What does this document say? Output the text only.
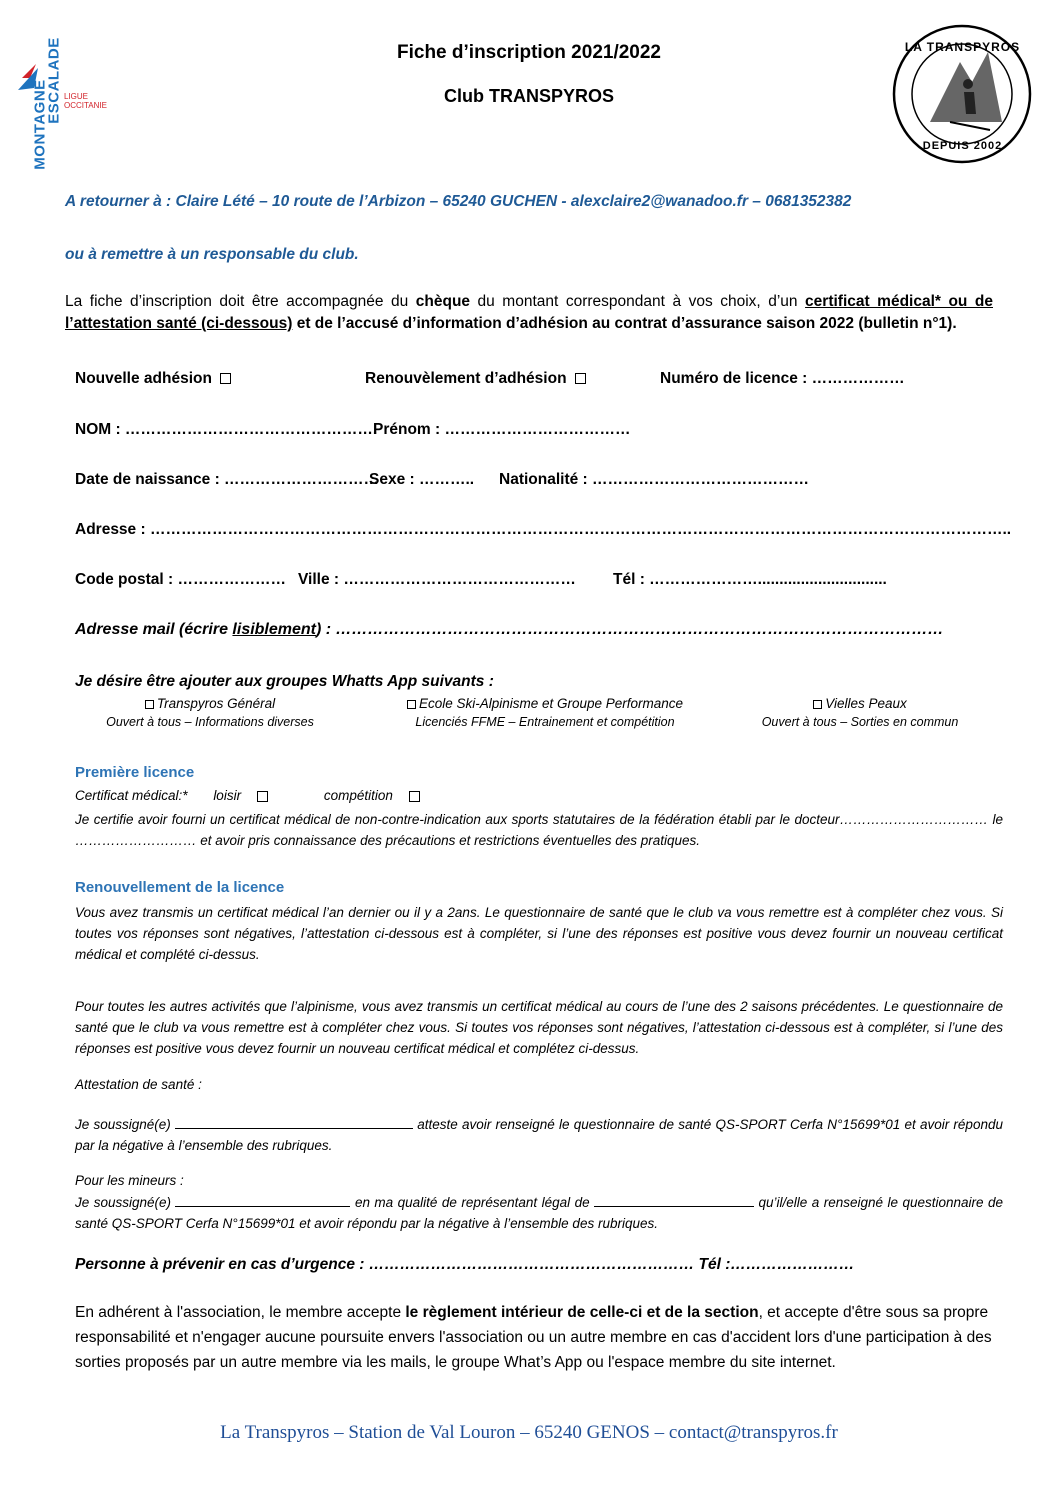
MONTAGNE
ESCALADE LIGUE
OCCITANIE
Fiche d’inscription 2021/2022
Club TRANSPYROS
LA TRANSPYROS
DEPUIS 2002
A retourner à : Claire Lété – 10 route de l’Arbizon – 65240 GUCHEN - alexclaire2@wanadoo.fr – 0681352382
ou à remettre à un responsable du club.
La fiche d’inscription doit être accompagnée du chèque du montant correspondant à vos choix, d’un certificat médical* ou de l’attestation santé (ci-dessous) et de l’accusé d’information d’adhésion au contrat d’assurance saison 2022 (bulletin n°1).
Nouvelle adhésion	Renouvèlement d’adhésion	Numéro de licence : ………………
NOM : ………………………………………….
Prénom : ………………………………
Date de naissance : …………………………
Sexe : ……….. Nationalité : ……………………………………
Adresse : …………………………………………………………………………………………………………………………………………………..
Code postal : ………………… Ville : ……………………………………… Tél : …………………..............................
Adresse mail (écrire lisiblement) : ……………………………………………………………………………………………………
Je désire être ajouter aux groupes Whatts App suivants :
Transpyros Général
Ouvert à tous – Informations diverses
Ecole Ski-Alpinisme et Groupe Performance
Licenciés FFME – Entrainement et compétition
Vielles Peaux
Ouvert à tous – Sorties en commun
Première licence
Certificat médical:* loisir	compétition
Je certifie avoir fourni un certificat médical de non-contre-indication aux sports statutaires de la fédération établi par le docteur…………………………… le ……………………… et avoir pris connaissance des précautions et restrictions éventuelles des pratiques.
Renouvellement de la licence
Vous avez transmis un certificat médical l’an dernier ou il y a 2ans. Le questionnaire de santé que le club va vous remettre est à compléter chez vous. Si toutes vos réponses sont négatives, l’attestation ci-dessous est à compléter, si l’une des réponses est positive vous devez fournir un nouveau certificat médical et complété ci-dessus.
Pour toutes les autres activités que l’alpinisme, vous avez transmis un certificat médical au cours de l’une des 2 saisons précédentes. Le questionnaire de santé que le club va vous remettre est à compléter chez vous. Si toutes vos réponses sont négatives, l’attestation ci-dessous est à compléter, si l’une des réponses est positive vous devez fournir un nouveau certificat médical et complétez ci-dessus.
Attestation de santé :
Je soussigné(e)	atteste avoir renseigné le questionnaire de santé QS-SPORT Cerfa N°15699*01 et avoir répondu par la négative à l’ensemble des rubriques.
Pour les mineurs :
Je soussigné(e)	en ma qualité de représentant légal de	qu’il/elle a renseigné le questionnaire de santé QS-SPORT Cerfa N°15699*01 et avoir répondu par la négative à l’ensemble des rubriques.
Personne à prévenir en cas d’urgence : ……………………………………………………… Tél :……………………
En adhérent à l'association, le membre accepte le règlement intérieur de celle-ci et de la section, et accepte d'être sous sa propre responsabilité et n'engager aucune poursuite envers l'association ou un autre membre en cas d'accident lors d'une participation à des sorties proposés par un autre membre via les mails, le groupe What’s App ou l'espace membre du site internet.
La Transpyros – Station de Val Louron – 65240 GENOS – contact@transpyros.fr
